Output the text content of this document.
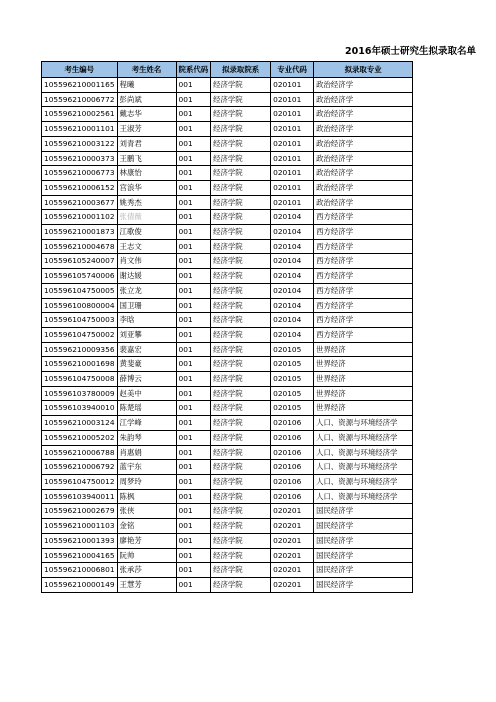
2016年硕士研究生拟录取名单
考生编号	考生姓名	院系代码	拟录取院系	专业代码	拟录取专业
105596210001165	程曦	001	经济学院	020101	政治经济学
105596210006772	彭尚斌	001	经济学院	020101	政治经济学
105596210002561	戴志华	001	经济学院	020101	政治经济学
105596210001101	王淑芳	001	经济学院	020101	政治经济学
105596210003122	刘青君	001	经济学院	020101	政治经济学
105596210000373	王鹏飞	001	经济学院	020101	政治经济学
105596210006773	林康怡	001	经济学院	020101	政治经济学
105596210006152	宫浪华	001	经济学院	020101	政治经济学
105596210003677	姚秀杰	001	经济学院	020101	政治经济学
105596210001102	张倩薇	001	经济学院	020104	西方经济学
105596210001873	江歌俊	001	经济学院	020104	西方经济学
105596210004678	王志文	001	经济学院	020104	西方经济学
105596105240007	肖文伟	001	经济学院	020104	西方经济学
105596105740006	谢达媛	001	经济学院	020104	西方经济学
105596104750005	张立龙	001	经济学院	020104	西方经济学
105596100800004	国卫珊	001	经济学院	020104	西方经济学
105596104750003	李晗	001	经济学院	020104	西方经济学
105596104750002	刘亚攀	001	经济学院	020104	西方经济学
105596210009356	裴嘉宏	001	经济学院	020105	世界经济
105596210001698	黄斐豪	001	经济学院	020105	世界经济
105596104750008	薛博云	001	经济学院	020105	世界经济
105596103780009	赵美中	001	经济学院	020105	世界经济
105596103940010	陈楚瑶	001	经济学院	020105	世界经济
105596210003124	江学峰	001	经济学院	020106	人口、资源与环境经济学
105596210005202	朱韵琴	001	经济学院	020106	人口、资源与环境经济学
105596210006788	肖惠娟	001	经济学院	020106	人口、资源与环境经济学
105596210006792	蓝宇东	001	经济学院	020106	人口、资源与环境经济学
105596104750012	周梦玲	001	经济学院	020106	人口、资源与环境经济学
105596103940011	陈枫	001	经济学院	020106	人口、资源与环境经济学
105596210002679	张侠	001	经济学院	020201	国民经济学
105596210001103	金铭	001	经济学院	020201	国民经济学
105596210001393	廖艳芳	001	经济学院	020201	国民经济学
105596210004165	阮帅	001	经济学院	020201	国民经济学
105596210006801	张承莎	001	经济学院	020201	国民经济学
105596210000149	王慧芳	001	经济学院	020201	国民经济学
